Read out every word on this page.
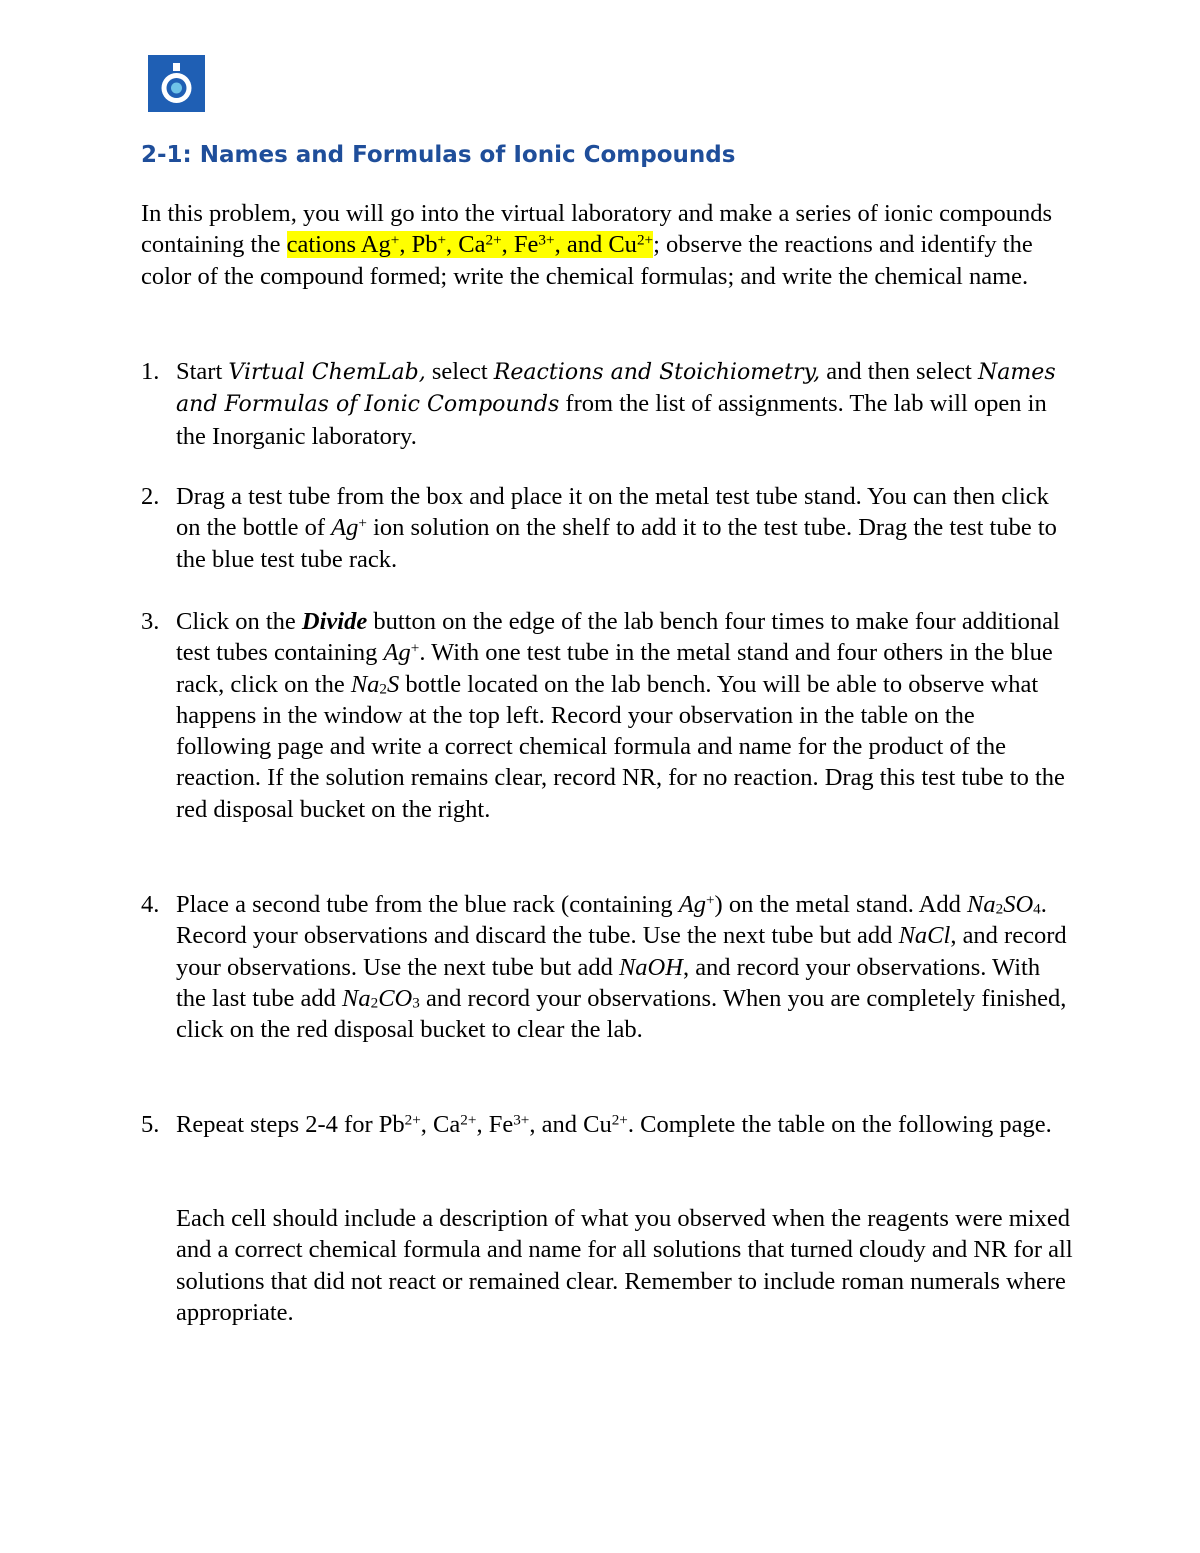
2-1: Names and Formulas of Ionic Compounds
In this problem, you will go into the virtual laboratory and make a series of ionic compounds containing the cations Ag+, Pb+, $Ca^{2+}$, $Fe^{3+}$, and $Cu^{2+}$; observe the reactions and identify the color of the compound formed; write the chemical formulas; and write the chemical name.
1. Start Virtual ChemLab, select Reactions and Stoichiometry, and then select Names and Formulas of Ionic Compounds from the list of assignments. The lab will open in the Inorganic laboratory.
2. Drag a test tube from the box and place it on the metal test tube stand. You can then click on the bottle of Ag+ ion solution on the shelf to add it to the test tube. Drag the test tube to the blue test tube rack.
3. Click on the Divide button on the edge of the lab bench four times to make four additional test tubes containing Ag+. With one test tube in the metal stand and four others in the blue rack, click on the $Na_2S$ bottle located on the lab bench. You will be able to observe what happens in the window at the top left. Record your observation in the table on the following page and write a correct chemical formula and name for the product of the reaction. If the solution remains clear, record NR, for no reaction. Drag this test tube to the red disposal bucket on the right.
4. Place a second tube from the blue rack (containing Ag+) on the metal stand. Add $Na_2SO_4$. Record your observations and discard the tube. Use the next tube but add NaCl, and record your observations. Use the next tube but add NaOH, and record your observations. With the last tube add $Na_2CO_3$ and record your observations. When you are completely finished, click on the red disposal bucket to clear the lab.
5. Repeat steps 2-4 for $Pb^{2+}$, $Ca^{2+}$, $Fe^{3+}$, and $Cu^{2+}$. Complete the table on the following page.
Each cell should include a description of what you observed when the reagents were mixed and a correct chemical formula and name for all solutions that turned cloudy and NR for all solutions that did not react or remained clear. Remember to include roman numerals where appropriate.
